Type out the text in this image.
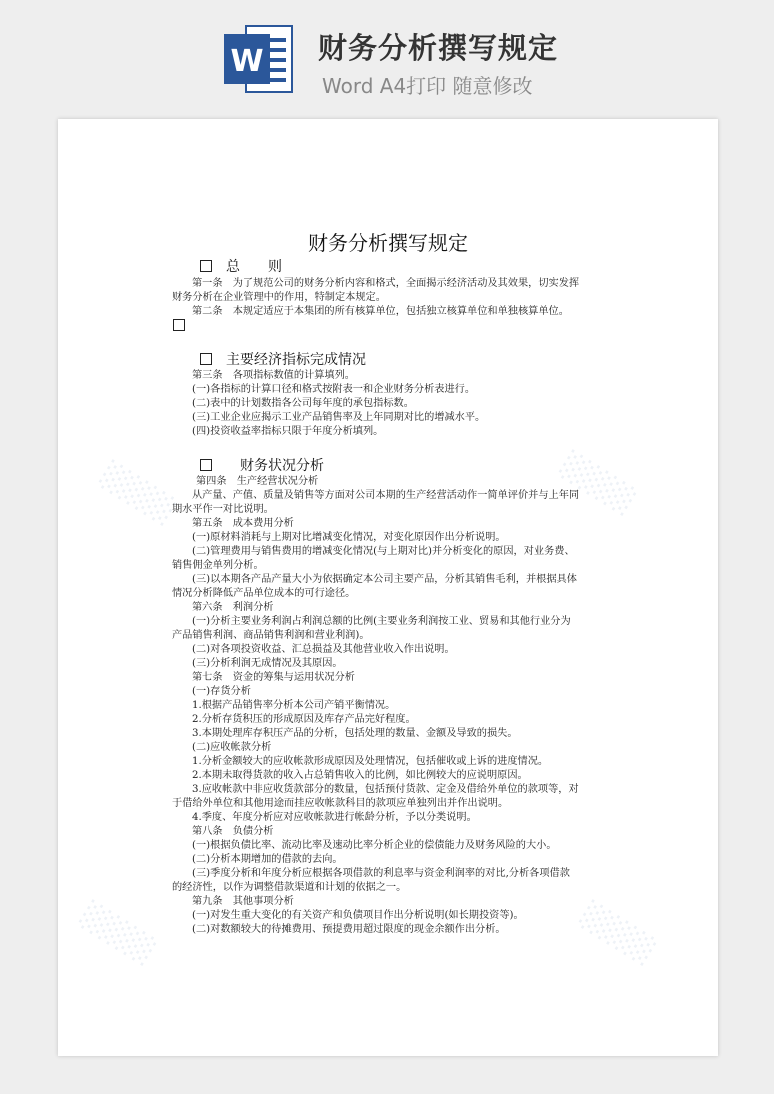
W 财务分析撰写规定
Word A4打印 随意修改
░░░░	░░░░
░░░░	░░░░
财务分析撰写规定
　总　　则
第一条　为了规范公司的财务分析内容和格式，全面揭示经济活动及其效果，切实发挥
财务分析在企业管理中的作用，特制定本规定。
第二条　本规定适应于本集团的所有核算单位，包括独立核算单位和单独核算单位。
　主要经济指标完成情况
第三条　各项指标数值的计算填列。
(一)各指标的计算口径和格式按附表一和企业财务分析表进行。
(二)表中的计划数指各公司每年度的承包指标数。
(三)工业企业应揭示工业产品销售率及上年同期对比的增减水平。
(四)投资收益率指标只限于年度分析填列。
　　财务状况分析
第四条　生产经营状况分析
从产量、产值、质量及销售等方面对公司本期的生产经营活动作一简单评价并与上年同
期水平作一对比说明。
第五条　成本费用分析
(一)原材料消耗与上期对比增减变化情况，对变化原因作出分析说明。
(二)管理费用与销售费用的增减变化情况(与上期对比)并分析变化的原因，对业务费、
销售佣金单列分析。
(三)以本期各产品产量大小为依据确定本公司主要产品，分析其销售毛利，并根据具体
情况分析降低产品单位成本的可行途径。
第六条　利润分析
(一)分析主要业务利润占利润总额的比例(主要业务利润按工业、贸易和其他行业分为
产品销售利润、商品销售利润和营业利润)。
(二)对各项投资收益、汇总损益及其他营业收入作出说明。
(三)分析利润无成情况及其原因。
第七条　资金的筹集与运用状况分析
(一)存货分析
1.根据产品销售率分析本公司产销平衡情况。
2.分析存货积压的形成原因及库存产品完好程度。
3.本期处理库存积压产品的分析，包括处理的数量、金额及导致的损失。
(二)应收帐款分析
1.分析金额较大的应收帐款形成原因及处理情况，包括催收或上诉的进度情况。
2.本期未取得货款的收入占总销售收入的比例，如比例较大的应说明原因。
3.应收帐款中非应收货款部分的数量，包括预付货款、定金及借给外单位的款项等，对
于借给外单位和其他用途而挂应收帐款科目的款项应单独列出并作出说明。
4.季度、年度分析应对应收帐款进行帐龄分析，予以分类说明。
第八条　负债分析
(一)根据负债比率、流动比率及速动比率分析企业的偿债能力及财务风险的大小。
(二)分析本期增加的借款的去向。
(三)季度分析和年度分析应根据各项借款的利息率与资金利润率的对比,分析各项借款
的经济性，以作为调整借款渠道和计划的依据之一。
第九条　其他事项分析
(一)对发生重大变化的有关资产和负债项目作出分析说明(如长期投资等)。
(二)对数额较大的待摊费用、预提费用超过限度的现金余额作出分析。
